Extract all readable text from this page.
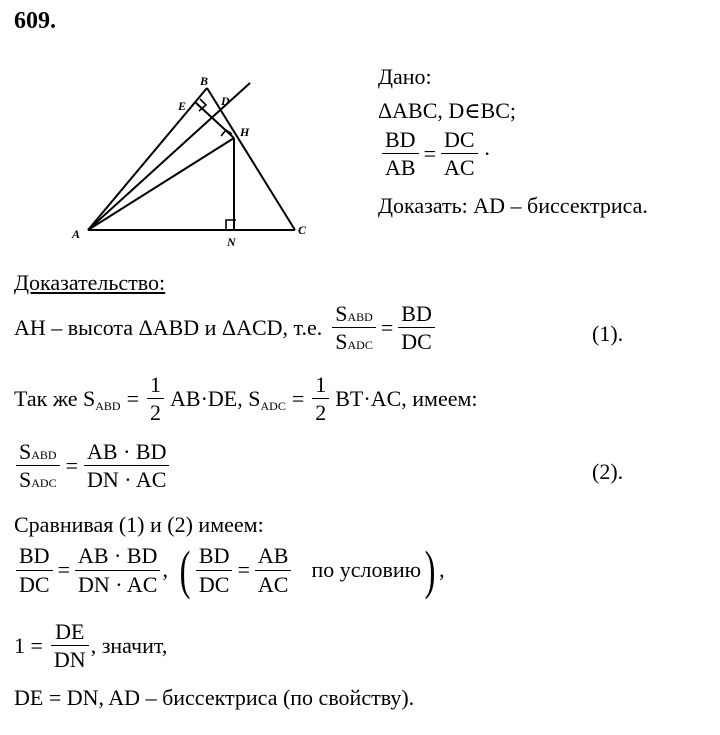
609.
A
B
C
D
E
H
N
Дано:
ΔABC, D∈BC;
$\frac{BD}{AB} = \frac{DC}{AC}$ ·
Доказать: AD – биссектриса.
Доказательство:
AH – высота ΔABD и ΔACD, т.е. $\frac{\text{SABD}}{\text{SADC}} = \frac{BD}{DC}$	(1).
Так же S ABD = $\frac{1}{2} AB\cdot DE$, S ADC = $\frac{1}{2} BT\cdot AC$, имеем:
$\frac{\text{SABD}}{\text{SADC}} = \frac{AB \cdot BD}{DN \cdot AC}$	(2).
Сравнивая (1) и (2) имеем:
$\frac{BD}{DC} = \frac{AB \cdot BD}{DN \cdot AC}$ , ( $\frac{BD}{DC} = \frac{AB}{AC}$ по условию ) ,
$1 = \frac{DE}{DN}$ , значит,
DE = DN, AD – биссектриса (по свойству).
